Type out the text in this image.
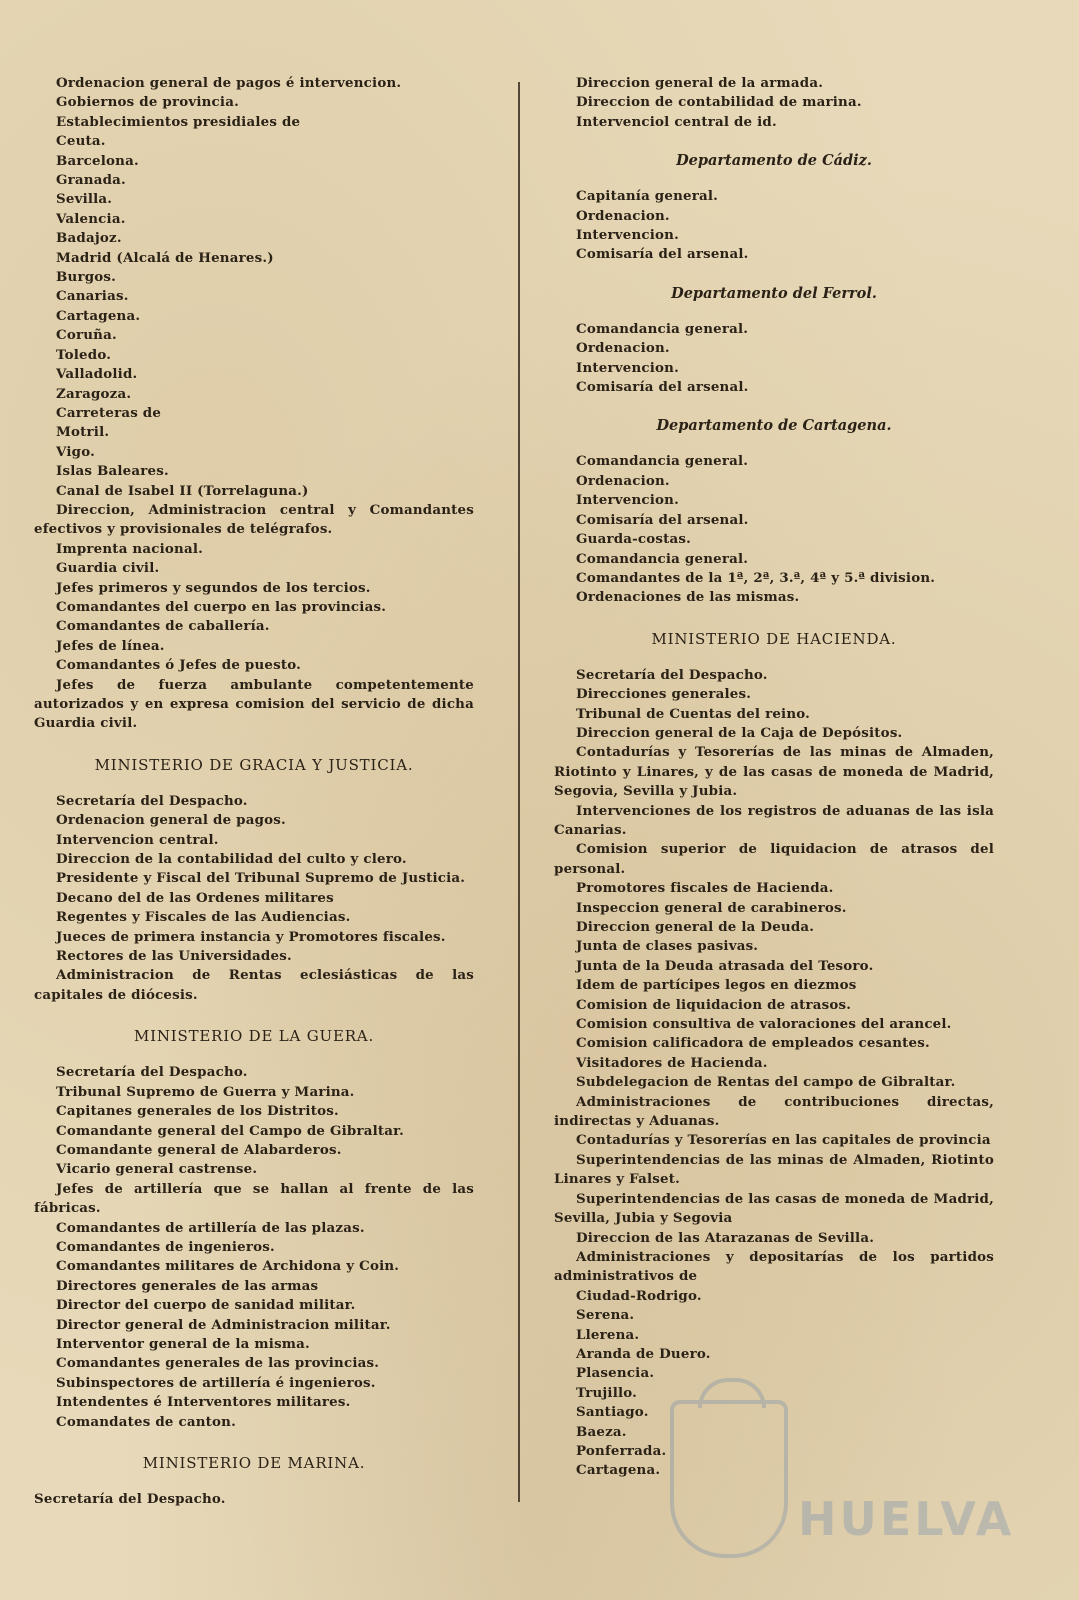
Ordenacion general de pagos é intervencion.
Gobiernos de provincia.
Establecimientos presidiales de
Ceuta.
Barcelona.
Granada.
Sevilla.
Valencia.
Badajoz.
Madrid (Alcalá de Henares.)
Burgos.
Canarias.
Cartagena.
Coruña.
Toledo.
Valladolid.
Zaragoza.
Carreteras de
Motril.
Vigo.
Islas Baleares.
Canal de Isabel II (Torrelaguna.)
Direccion, Administracion central y Comandantes efectivos y provisionales de telégrafos.
Imprenta nacional.
Guardia civil.
Jefes primeros y segundos de los tercios.
Comandantes del cuerpo en las provincias.
Comandantes de caballería.
Jefes de línea.
Comandantes ó Jefes de puesto.
Jefes de fuerza ambulante competentemente autorizados y en expresa comision del servicio de dicha Guardia civil.
MINISTERIO DE GRACIA Y JUSTICIA.
Secretaría del Despacho.
Ordenacion general de pagos.
Intervencion central.
Direccion de la contabilidad del culto y clero.
Presidente y Fiscal del Tribunal Supremo de Justicia.
Decano del de las Ordenes militares
Regentes y Fiscales de las Audiencias.
Jueces de primera instancia y Promotores fiscales.
Rectores de las Universidades.
Administracion de Rentas eclesiásticas de las capitales de diócesis.
MINISTERIO DE LA GUERA.
Secretaría del Despacho.
Tribunal Supremo de Guerra y Marina.
Capitanes generales de los Distritos.
Comandante general del Campo de Gibraltar.
Comandante general de Alabarderos.
Vicario general castrense.
Jefes de artillería que se hallan al frente de las fábricas.
Comandantes de artillería de las plazas.
Comandantes de ingenieros.
Comandantes militares de Archidona y Coin.
Directores generales de las armas
Director del cuerpo de sanidad militar.
Director general de Administracion militar.
Interventor general de la misma.
Comandantes generales de las provincias.
Subinspectores de artillería é ingenieros.
Intendentes é Interventores militares.
Comandates de canton.
MINISTERIO DE MARINA.
Secretaría del Despacho.
Direccion general de la armada.
Direccion de contabilidad de marina.
Intervenciol central de id.
Departamento de Cádiz.
Capitanía general.
Ordenacion.
Intervencion.
Comisaría del arsenal.
Departamento del Ferrol.
Comandancia general.
Ordenacion.
Intervencion.
Comisaría del arsenal.
Departamento de Cartagena.
Comandancia general.
Ordenacion.
Intervencion.
Comisaría del arsenal.
Guarda-costas.
Comandancia general.
Comandantes de la 1ª, 2ª, 3.ª, 4ª y 5.ª division.
Ordenaciones de las mismas.
MINISTERIO DE HACIENDA.
Secretaría del Despacho.
Direcciones generales.
Tribunal de Cuentas del reino.
Direccion general de la Caja de Depósitos.
Contadurías y Tesorerías de las minas de Almaden, Riotinto y Linares, y de las casas de moneda de Madrid, Segovia, Sevilla y Jubia.
Intervenciones de los registros de aduanas de las isla Canarias.
Comision superior de liquidacion de atrasos del personal.
Promotores fiscales de Hacienda.
Inspeccion general de carabineros.
Direccion general de la Deuda.
Junta de clases pasivas.
Junta de la Deuda atrasada del Tesoro.
Idem de partícipes legos en diezmos
Comision de liquidacion de atrasos.
Comision consultiva de valoraciones del arancel.
Comision calificadora de empleados cesantes.
Visitadores de Hacienda.
Subdelegacion de Rentas del campo de Gibraltar.
Administraciones de contribuciones directas, indirectas y Aduanas.
Contadurías y Tesorerías en las capitales de provincia
Superintendencias de las minas de Almaden, Riotinto Linares y Falset.
Superintendencias de las casas de moneda de Madrid, Sevilla, Jubia y Segovia
Direccion de las Atarazanas de Sevilla.
Administraciones y depositarías de los partidos administrativos de
Ciudad-Rodrigo.
Serena.
Llerena.
Aranda de Duero.
Plasencia.
Trujillo.
Santiago.
Baeza.
Ponferrada.
Cartagena.
HUELVA
